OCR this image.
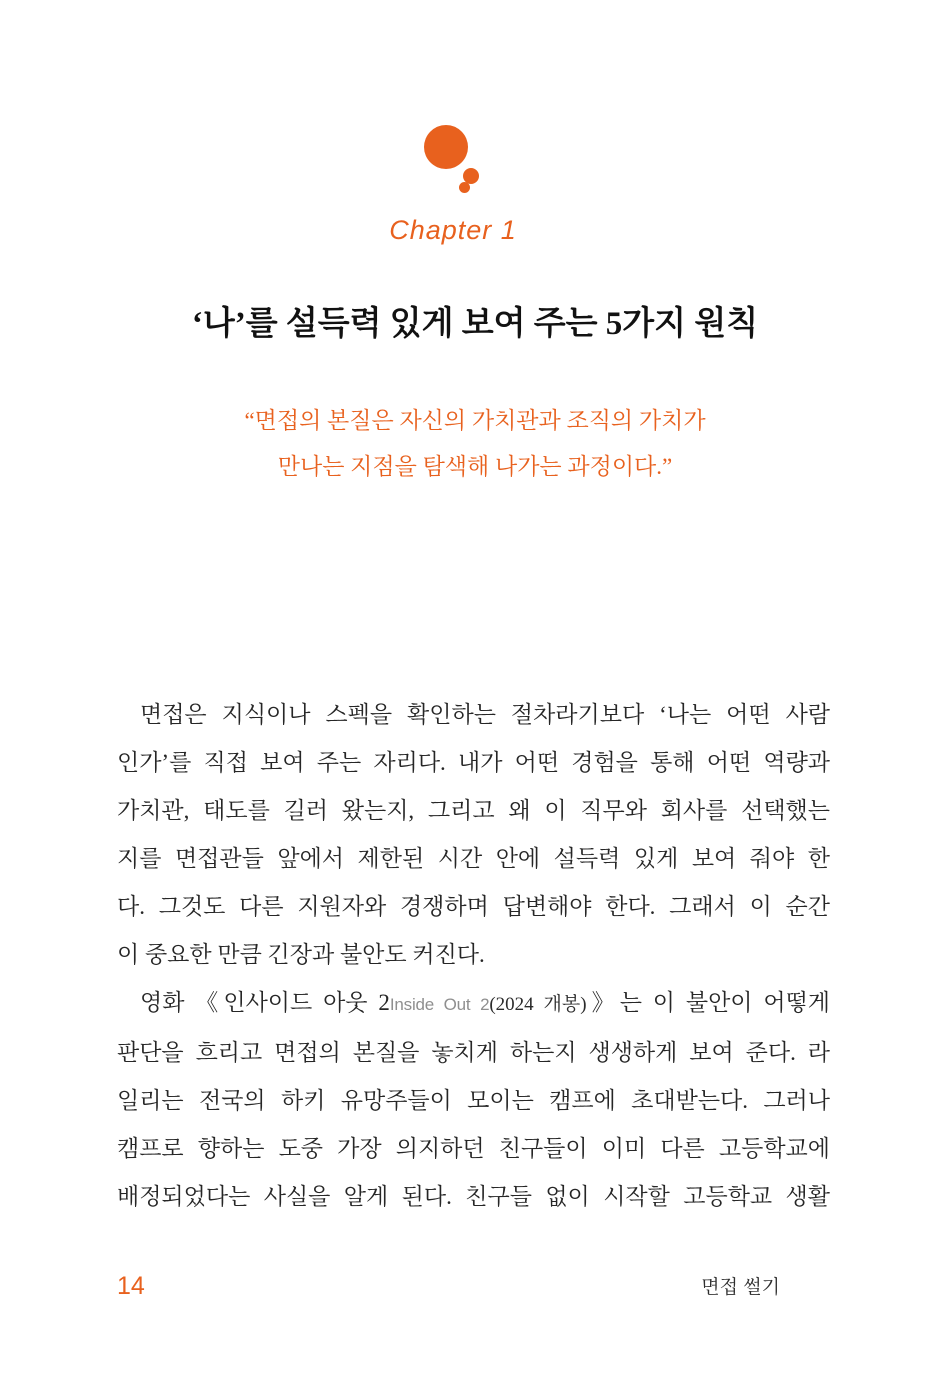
Chapter 1
‘나’를 설득력 있게 보여 주는 5가지 원칙
“면접의 본질은 자신의 가치관과 조직의 가치가
만나는 지점을 탐색해 나가는 과정이다.”
면접은 지식이나 스펙을 확인하는 절차라기보다 ‘나는 어떤 사람
인가’를 직접 보여 주는 자리다. 내가 어떤 경험을 통해 어떤 역량과
가치관, 태도를 길러 왔는지, 그리고 왜 이 직무와 회사를 선택했는
지를 면접관들 앞에서 제한된 시간 안에 설득력 있게 보여 줘야 한
다. 그것도 다른 지원자와 경쟁하며 답변해야 한다. 그래서 이 순간
이 중요한 만큼 긴장과 불안도 커진다.
영화 《인사이드 아웃 2Inside Out 2(2024 개봉)》는 이 불안이 어떻게
판단을 흐리고 면접의 본질을 놓치게 하는지 생생하게 보여 준다. 라
일리는 전국의 하키 유망주들이 모이는 캠프에 초대받는다. 그러나
캠프로 향하는 도중 가장 의지하던 친구들이 이미 다른 고등학교에
배정되었다는 사실을 알게 된다. 친구들 없이 시작할 고등학교 생활
14	면접 썰기
